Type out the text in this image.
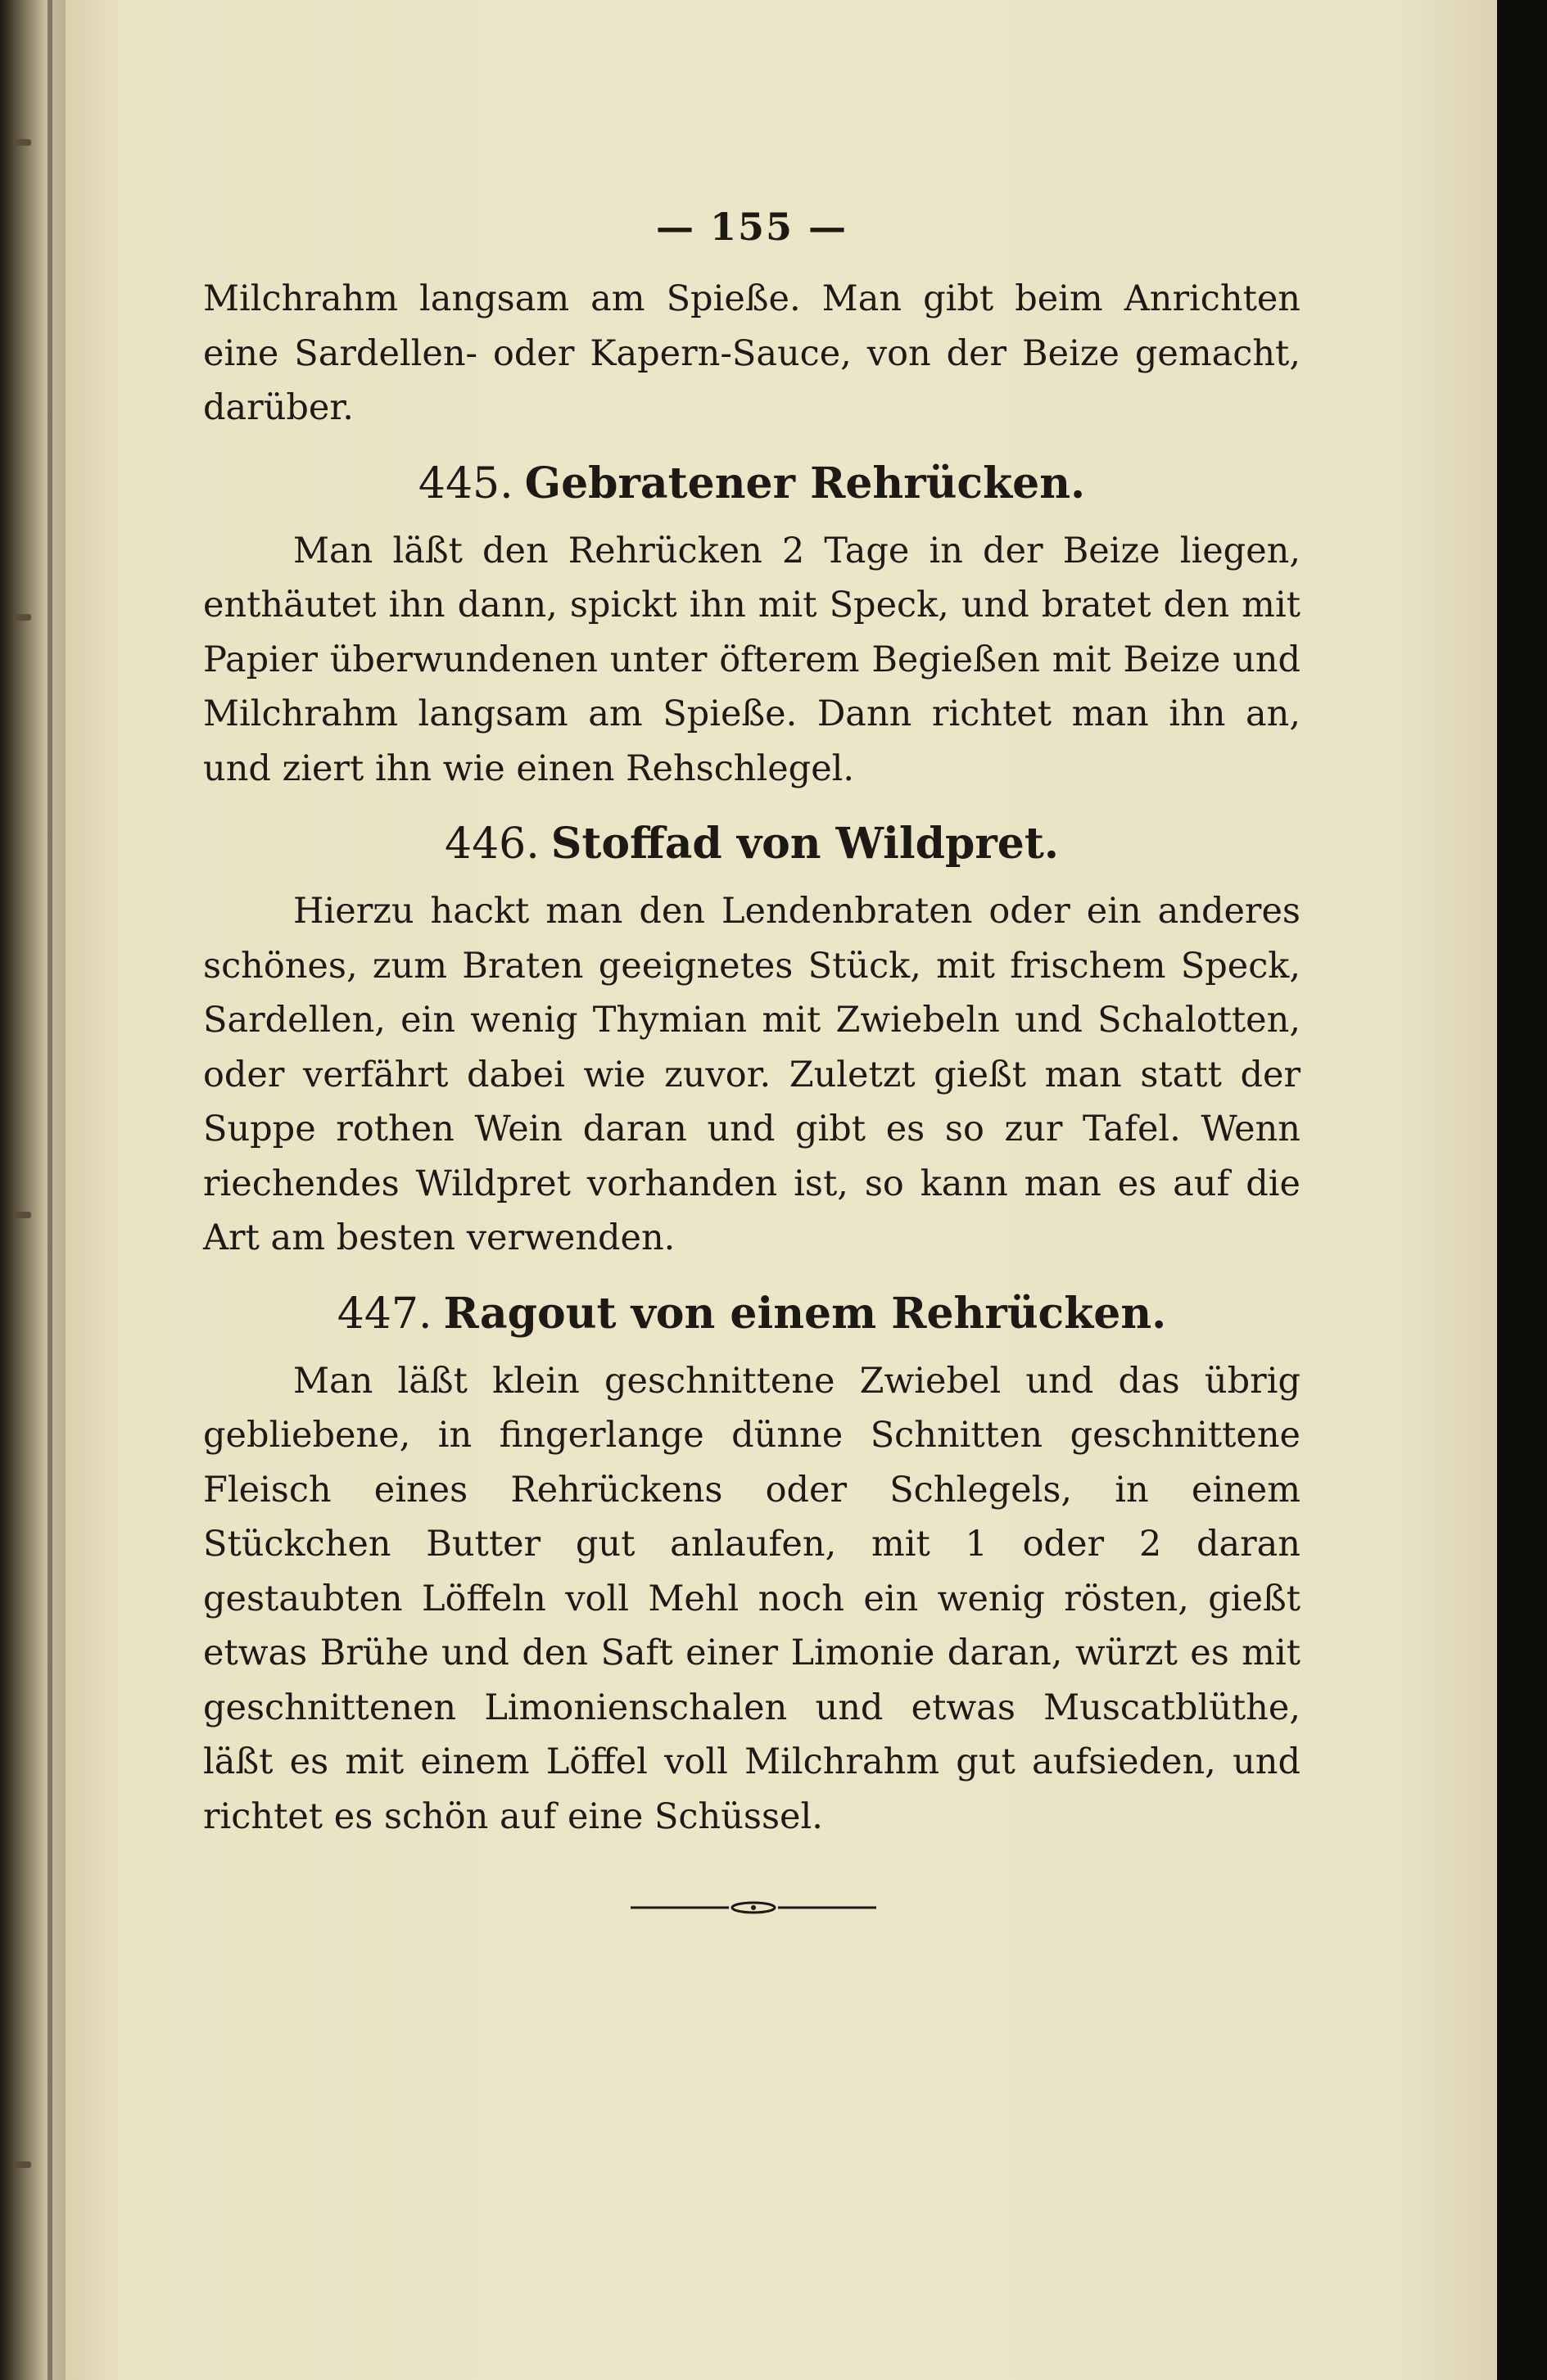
— 155 —

Milchrahm langsam am Spieße. Man gibt beim Anrichten eine Sardellen- oder Kapern-Sauce, von der Beize gemacht, darüber.

445. Gebratener Rehrücken.

Man läßt den Rehrücken 2 Tage in der Beize liegen, enthäutet ihn dann, spickt ihn mit Speck, und bratet den mit Papier überwundenen unter öfterem Begießen mit Beize und Milchrahm langsam am Spieße. Dann richtet man ihn an, und ziert ihn wie einen Rehschlegel.

446. Stoffad von Wildpret.

Hierzu hackt man den Lendenbraten oder ein anderes schönes, zum Braten geeignetes Stück, mit frischem Speck, Sardellen, ein wenig Thymian mit Zwiebeln und Schalotten, oder verfährt dabei wie zuvor. Zuletzt gießt man statt der Suppe rothen Wein daran und gibt es so zur Tafel. Wenn riechendes Wildpret vorhanden ist, so kann man es auf die Art am besten verwenden.

447. Ragout von einem Rehrücken.

Man läßt klein geschnittene Zwiebel und das übrig gebliebene, in fingerlange dünne Schnitten geschnittene Fleisch eines Rehrückens oder Schlegels, in einem Stückchen Butter gut anlaufen, mit 1 oder 2 daran gestaubten Löffeln voll Mehl noch ein wenig rösten, gießt etwas Brühe und den Saft einer Limonie daran, würzt es mit geschnittenen Limonienschalen und etwas Muscatblüthe, läßt es mit einem Löffel voll Milchrahm gut aufsieden, und richtet es schön auf eine Schüssel.
